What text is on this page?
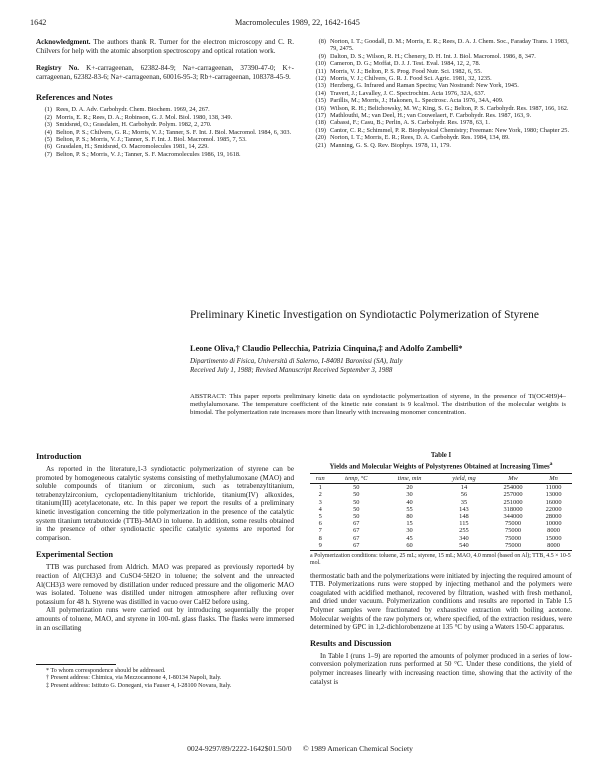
1642	Macromolecules 1989, 22, 1642-1645

Acknowledgment. The authors thank R. Turner for the electron microscopy and C. R. Chilvers for help with the atomic absorption spectroscopy and optical rotation work.

Registry No. K+-carrageenan, 62382-84-9; Na+-carrageenan, 37390-47-0; K+-carrageenan, 62382-83-6; Na+-carrageenan, 60016-95-3; Rb+-carrageenan, 108378-45-9.

References and Notes
(1) Rees, D. A. Adv. Carbohydr. Chem. Biochem. 1969, 24, 267.
(2) Morris, E. R.; Rees, D. A.; Robinson, G. J. Mol. Biol. 1980, 138, 349.
(3) Smidsrød, O.; Grasdalen, H. Carbohydr. Polym. 1982, 2, 270.
(4) Belton, P. S.; Chilvers, G. R.; Morris, V. J.; Tanner, S. F. Int. J. Biol. Macromol. 1984, 6, 303.
(5) Belton, P. S.; Morris, V. J.; Tanner, S. F. Int. J. Biol. Macromol. 1985, 7, 53.
(6) Grasdalen, H.; Smidsrød, O. Macromolecules 1981, 14, 229.
(7) Belton, P. S.; Morris, V. J.; Tanner, S. F. Macromolecules 1986, 19, 1618.
(8) Norton, I. T.; Goodall, D. M.; Morris, E. R.; Rees, D. A. J. Chem. Soc., Faraday Trans. 1 1983, 79, 2475.
(9) Dalton, D. S.; Wilson, R. H.; Chenery, D. H. Int. J. Biol. Macromol. 1986, 8, 347.
(10) Cameron, D. G.; Moffat, D. J. J. Test. Eval. 1984, 12, 2, 78.
(11) Morris, V. J.; Belton, P. S. Prog. Food Nutr. Sci. 1982, 6, 55.
(12) Morris, V. J.; Chilvers, G. R. J. Food Sci. Agric. 1981, 32, 1235.
(13) Herzberg, G. Infrared and Raman Spectra; Van Nostrand: New York, 1945.
(14) Travert, J.; Lavalley, J. C. Spectrochim. Acta 1976, 32A, 637.
(15) Parillis, M.; Morris, J.; Hakonen, L. Spectrosc. Acta 1976, 34A, 409.
(16) Wilson, R. H.; Belichowsky, M. W.; King, S. G.; Belton, P. S. Carbohydr. Res. 1987, 166, 162.
(17) Mathlouthi, M.; van Deel, H.; van Couwelaert, F. Carbohydr. Res. 1987, 163, 9.
(18) Cabassi, F.; Casu, B.; Perlin, A. S. Carbohydr. Res. 1978, 63, 1.
(19) Cantor, C. R.; Schimmel, P. R. Biophysical Chemistry; Freeman: New York, 1980; Chapter 25.
(20) Norton, I. T.; Morris, E. R.; Rees, D. A. Carbohydr. Res. 1984, 134, 89.
(21) Manning, G. S. Q. Rev. Biophys. 1978, 11, 179.
Preliminary Kinetic Investigation on Syndiotactic Polymerization of Styrene
Leone Oliva,† Claudio Pellecchia, Patrizia Cinquina,‡ and Adolfo Zambelli*
Dipartimento di Fisica, Università di Salerno, I-84081 Baronissi (SA), Italy
Received July 1, 1988; Revised Manuscript Received September 3, 1988
ABSTRACT: This paper reports preliminary kinetic data on syndiotactic polymerization of styrene, in the presence of Ti(OC4H9)4–methylalumoxane. The temperature coefficient of the kinetic rate constant is 9 kcal/mol. The distribution of the molecular weights is bimodal. The polymerization rate increases more than linearly with increasing monomer concentration.
Introduction

As reported in the literature,1-3 syndiotactic polymerization of styrene can be promoted by homogeneous catalytic systems consisting of methylalumoxane (MAO) and soluble compounds of titanium or zirconium, such as tetrabenzyltitanium, tetrabenzylzirconium, cyclopentadienyltitanium trichloride, titanium(IV) alkoxides, titanium(III) acetylacetonate, etc. In this paper we report the results of a preliminary kinetic investigation concerning the title polymerization in the presence of the catalytic system titanium tetrabutoxide (TTB)–MAO in toluene. In addition, some results obtained in the presence of other syndiotactic specific catalytic systems are reported for comparison.

Experimental Section

TTB was purchased from Aldrich. MAO was prepared as previously reported4 by reaction of Al(CH3)3 and CuSO4·5H2O in toluene; the solvent and the unreacted Al(CH3)3 were removed by distillation under reduced pressure and the oligomeric MAO was isolated. Toluene was distilled under nitrogen atmosphere after refluxing over potassium for 48 h. Styrene was distilled in vacuo over CaH2 before using.

All polymerization runs were carried out by introducing sequentially the proper amounts of toluene, MAO, and styrene in 100-mL glass flasks. The flasks were immersed in an oscillating

* To whom correspondence should be addressed.
† Present address: Chimica, via Mezzocannone 4, I-80134 Napoli, Italy.
‡ Present address: Istituto G. Donegani, via Fauser 4, I-28100 Novara, Italy.
Table I
Yields and Molecular Weights of Polystyrenes Obtained at Increasing Times$^a$
run	temp, °C	time, min	yield, mg	Mw	Mn
1	50	20	14	254000	11000
2	50	30	56	257000	13000
3	50	40	35	251000	16000
4	50	55	143	318000	22000
5	50	80	148	344000	28000
6	67	15	115	75000	10000
7	67	30	255	75000	8000
8	67	45	340	75000	15000
9	67	60	540	75000	8000
a Polymerization conditions: toluene, 25 mL; styrene, 15 mL; MAO, 4.0 mmol (based on Al); TTB, 4.5 × 10-5 mol.

thermostatic bath and the polymerizations were initiated by injecting the required amount of TTB. Polymerizations runs were stopped by injecting methanol and the polymers were coagulated with acidified methanol, recovered by filtration, washed with fresh methanol, and dried under vacuum. Polymerization conditions and results are reported in Table I.5 Polymer samples were fractionated by exhaustive extraction with boiling acetone. Molecular weights of the raw polymers or, where specified, of the extraction residues, were determined by GPC in 1,2-dichlorobenzene at 135 °C by using a Waters 150-C apparatus.

Results and Discussion

In Table I (runs 1–9) are reported the amounts of polymer produced in a series of low-conversion polymerization runs performed at 50 °C. Under these conditions, the yield of polymer increases linearly with increasing reaction time, showing that the activity of the catalyst is

0024-9297/89/2222-1642$01.50/0 © 1989 American Chemical Society
